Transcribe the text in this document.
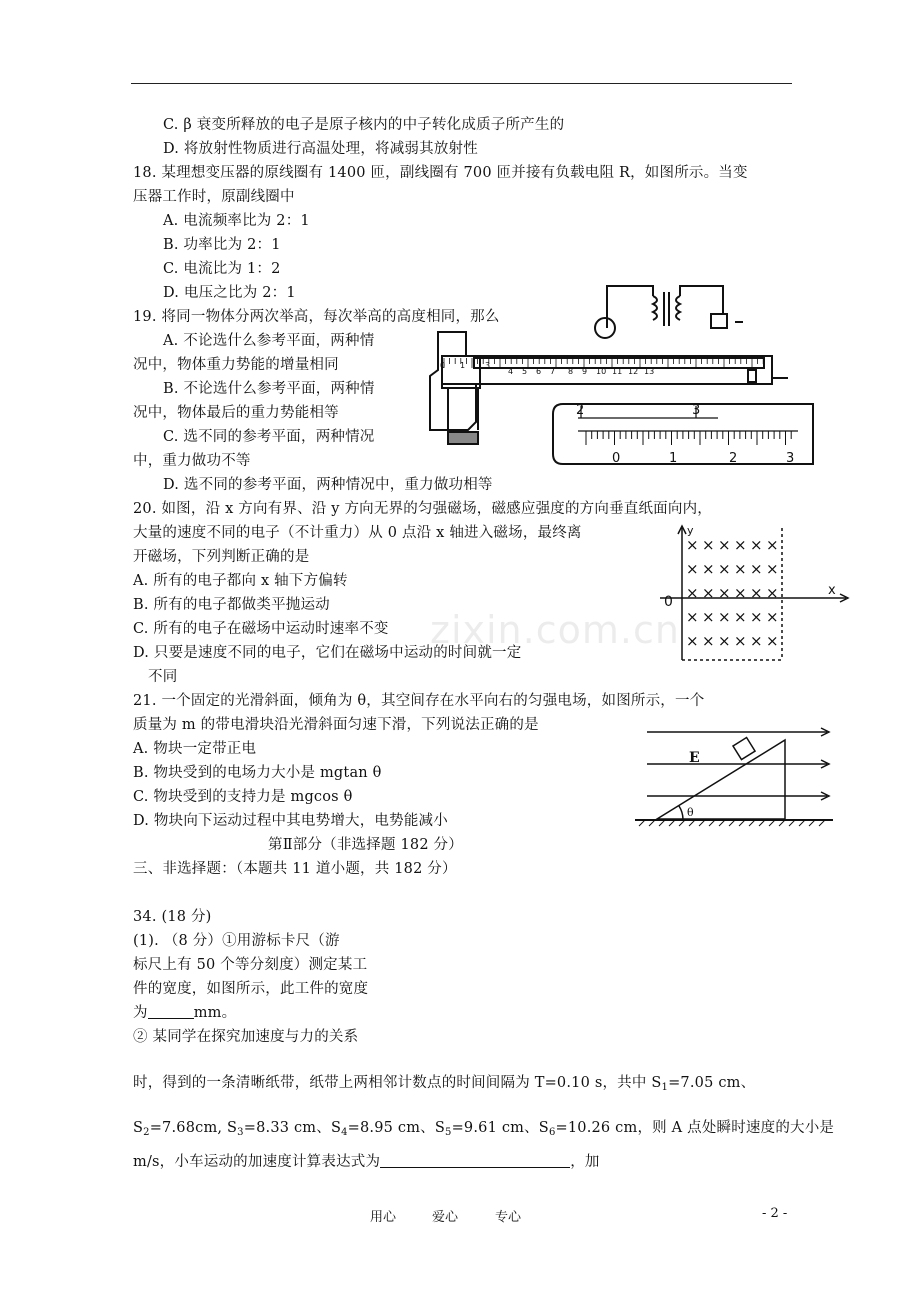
C. β 衰变所释放的电子是原子核内的中子转化成质子所产生的
D. 将放射性物质进行高温处理，将减弱其放射性
18. 某理想变压器的原线圈有 1400 匝，副线圈有 700 匝并接有负载电阻 R，如图所示。当变
压器工作时，原副线圈中
A. 电流频率比为 2：1
B. 功率比为 2：1
C. 电流比为 1：2
D. 电压之比为 2：1
19. 将同一物体分两次举高，每次举高的高度相同，那么
A. 不论选什么参考平面，两种情
况中，物体重力势能的增量相同
B. 不论选什么参考平面，两种情
况中，物体最后的重力势能相等
C. 选不同的参考平面，两种情况
中，重力做功不等
D. 选不同的参考平面，两种情况中，重力做功相等
20. 如图，沿 x 方向有界、沿 y 方向无界的匀强磁场，磁感应强度的方向垂直纸面向内，
大量的速度不同的电子（不计重力）从 0 点沿 x 轴进入磁场，最终离
开磁场，下列判断正确的是
A. 所有的电子都向 x 轴下方偏转
B. 所有的电子都做类平抛运动
C. 所有的电子在磁场中运动时速率不变
D. 只要是速度不同的电子，它们在磁场中运动的时间就一定
不同
21. 一个固定的光滑斜面，倾角为 θ，其空间存在水平向右的匀强电场，如图所示，一个
质量为 m 的带电滑块沿光滑斜面匀速下滑，下列说法正确的是
A. 物块一定带正电
B. 物块受到的电场力大小是 mgtan θ
C. 物块受到的支持力是 mgcos θ
D. 物块向下运动过程中其电势增大，电势能减小
第Ⅱ部分（非选择题 182 分）
三、非选择题：（本题共 11 道小题，共 182 分）
34. (18 分)
(1). （8 分）①用游标卡尺（游
标尺上有 50 个等分刻度）测定某工
件的宽度，如图所示，此工件的宽度
为	mm。
② 某同学在探究加速度与力的关系
时，得到的一条清晰纸带，纸带上两相邻计数点的时间间隔为 T=0.10 s，共中 $S_1=7.05$ cm、
$S_2=7.68cm$, $S_3=8.33$ cm、$S_4=8.95$ cm、$S_5=9.61$ cm、$S_6=10.26$ cm，则 A 点处瞬时速度的大小是
m/s，小车运动的加速度计算表达式为	，加
0 1 3
4 5 6 7 8 9 10 11 12 13
2	3
0	1	2	3
× × × × × ×
× × × × × ×
× × × × × ×
× × × × × ×
× × × × × ×
y
x
0
E
θ
zixin.com.cn
用心	爱心	专心	- 2 -
